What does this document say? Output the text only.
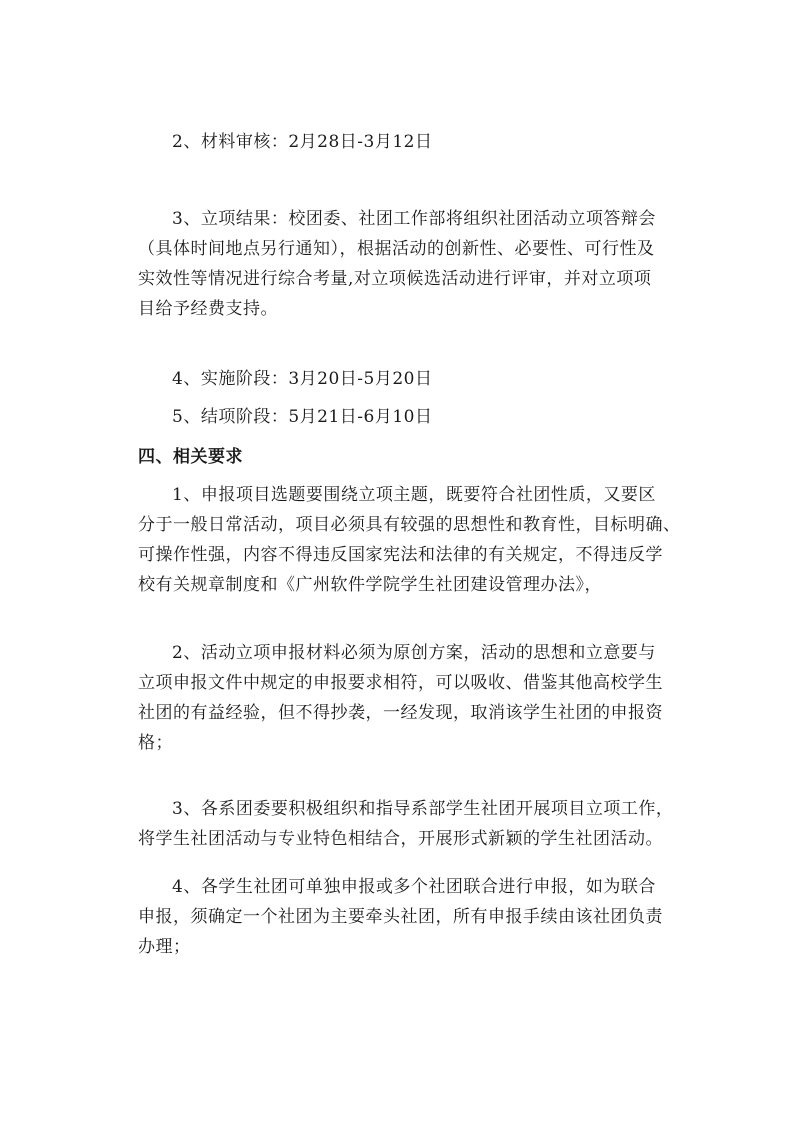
2、材料审核：2月28日-3月12日
3、立项结果：校团委、社团工作部将组织社团活动立项答辩会
（具体时间地点另行通知），根据活动的创新性、必要性、可行性及
实效性等情况进行综合考量,对立项候选活动进行评审，并对立项项
目给予经费支持。
4、实施阶段：3月20日-5月20日
5、结项阶段：5月21日-6月10日
四、相关要求
1、申报项目选题要围绕立项主题，既要符合社团性质，又要区
分于一般日常活动，项目必须具有较强的思想性和教育性，目标明确、
可操作性强，内容不得违反国家宪法和法律的有关规定，不得违反学
校有关规章制度和《广州软件学院学生社团建设管理办法》，
2、活动立项申报材料必须为原创方案，活动的思想和立意要与
立项申报文件中规定的申报要求相符，可以吸收、借鉴其他高校学生
社团的有益经验，但不得抄袭，一经发现，取消该学生社团的申报资
格；
3、各系团委要积极组织和指导系部学生社团开展项目立项工作，
将学生社团活动与专业特色相结合，开展形式新颖的学生社团活动。
4、各学生社团可单独申报或多个社团联合进行申报，如为联合
申报，须确定一个社团为主要牵头社团，所有申报手续由该社团负责
办理；
